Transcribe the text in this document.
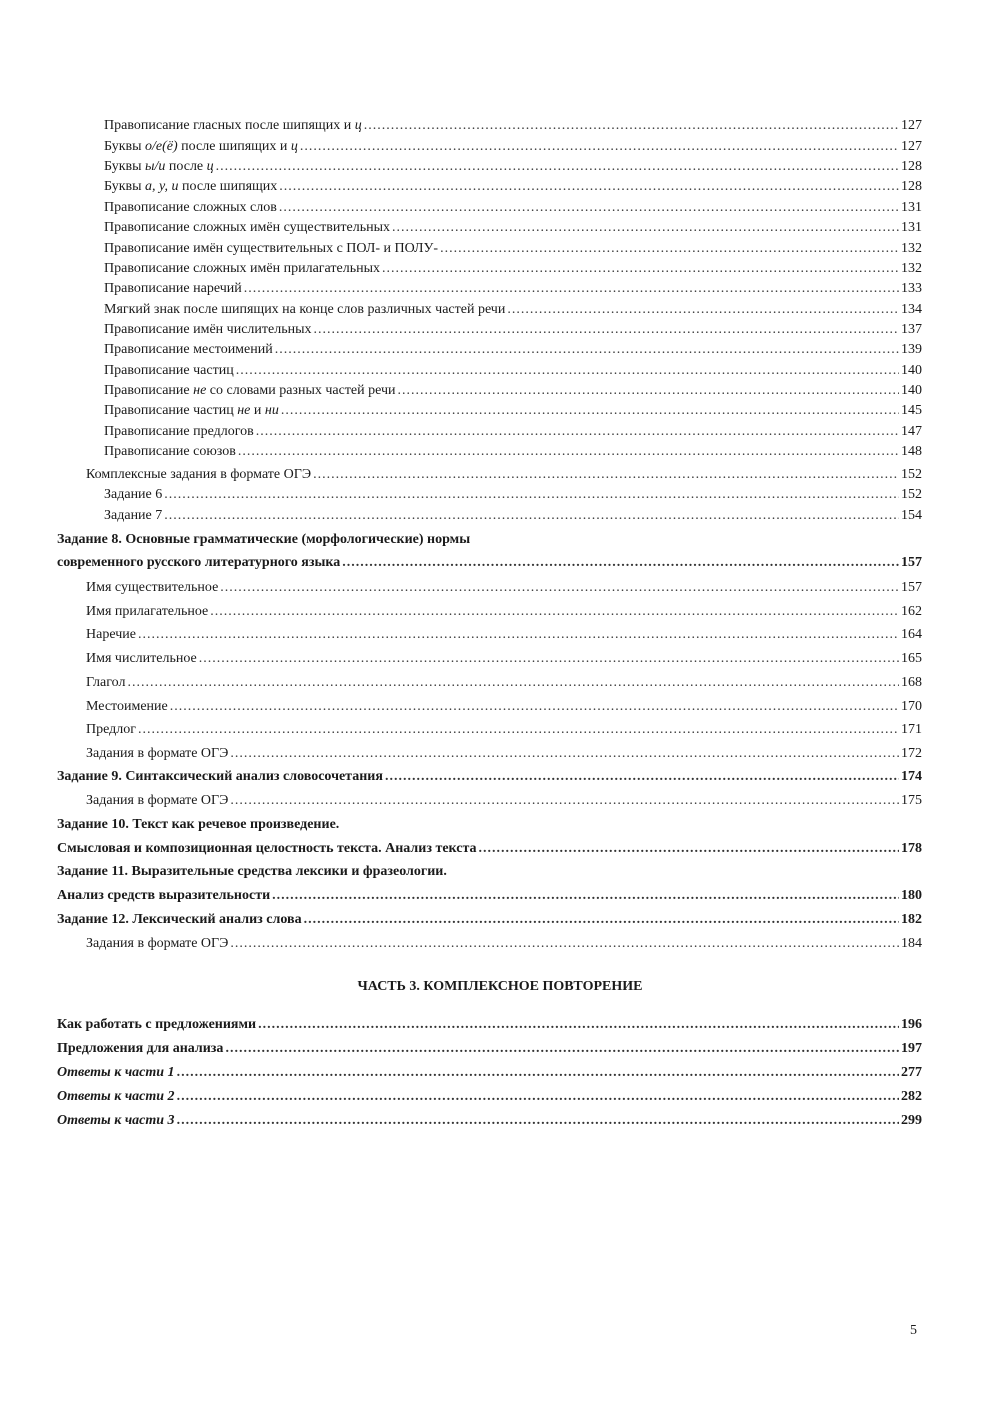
Правописание гласных после шипящих и ц .....	127
Буквы о/е(ё) после шипящих и ц .....	127
Буквы ы/и после ц .....	128
Буквы а, у, и после шипящих .....	128
Правописание сложных слов .....	131
Правописание сложных имён существительных .....	131
Правописание имён существительных с ПОЛ- и ПОЛУ- .....	132
Правописание сложных имён прилагательных .....	132
Правописание наречий .....	133
Мягкий знак после шипящих на конце слов различных частей речи .....	134
Правописание имён числительных .....	137
Правописание местоимений .....	139
Правописание частиц .....	140
Правописание не со словами разных частей речи .....	140
Правописание частиц не и ни .....	145
Правописание предлогов .....	147
Правописание союзов .....	148
Комплексные задания в формате ОГЭ .....	152
Задание 6 .....	152
Задание 7 .....	154
Задание 8. Основные грамматические (морфологические) нормы
современного русского литературного языка .....	157
Имя существительное .....	157
Имя прилагательное .....	162
Наречие .....	164
Имя числительное .....	165
Глагол .....	168
Местоимение .....	170
Предлог .....	171
Задания в формате ОГЭ .....	172
Задание 9. Синтаксический анализ словосочетания .....	174
Задания в формате ОГЭ .....	175
Задание 10. Текст как речевое произведение.
Смысловая и композиционная целостность текста. Анализ текста .....	178
Задание 11. Выразительные средства лексики и фразеологии.
Анализ средств выразительности .....	180
Задание 12. Лексический анализ слова .....	182
Задания в формате ОГЭ .....	184
Как работать с предложениями .....	196
Предложения для анализа .....	197
Ответы к части 1 .....	277
Ответы к части 2 .....	282
Ответы к части 3 .....	299
ЧАСТЬ 3. КОМПЛЕКСНОЕ ПОВТОРЕНИЕ
5
